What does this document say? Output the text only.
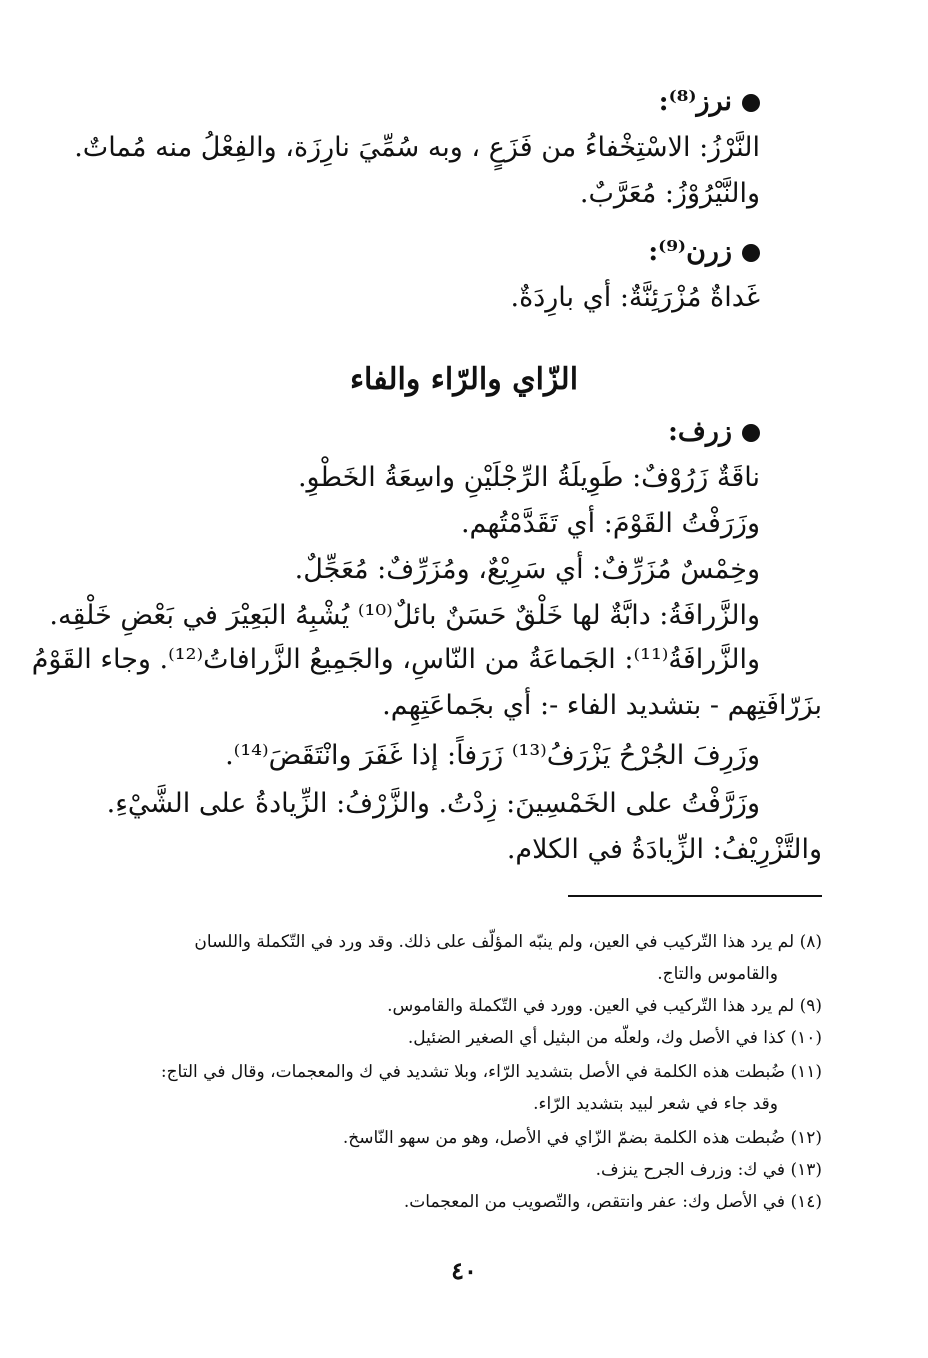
نرز⁽⁸⁾:
النَّرْزُ: الاسْتِخْفاءُ من فَزَعٍ ، وبه سُمِّيَ نارِزَة، والفِعْلُ منه مُماتٌ.
والنَّيْرُوْزُ: مُعَرَّبٌ.
زرن⁽⁹⁾:
غَداةٌ مُزْرَئِنَّةٌ: أي بارِدَةٌ.
الزّاي والرّاء والفاء
زرف:
ناقَةٌ زَرُوْفٌ: طَوِيلَةُ الرِّجْلَيْنِ واسِعَةُ الخَطْوِ.
وزَرَفْتُ القَوْمَ: أي تَقَدَّمْتُهم.
وخِمْسٌ مُزَرِّفٌ: أي سَرِيْعٌ، ومُزَرِّفٌ: مُعَجِّلٌ.
والزَّرافَةُ: دابَّةٌ لها خَلْقٌ حَسَنٌ بائلٌ⁽¹⁰⁾ يُشْبِهُ البَعِيْرَ في بَعْضِ خَلْقِه.
والزَّرافَةُ⁽¹¹⁾: الجَماعَةُ من النّاسِ، والجَمِيعُ الزَّرافاتُ⁽¹²⁾. وجاء القَوْمُ
بزَرّافَتِهم - بتشديد الفاء -: أي بجَماعَتِهِم.
وزَرِفَ الجُرْحُ يَزْرَفُ⁽¹³⁾ زَرَفاً: إذا غَفَرَ وانْتَقَضَ⁽¹⁴⁾.
وزَرَّفْتُ على الخَمْسِينَ: زِدْتُ. والزَّرْفُ: الزِّيادةُ على الشَّيْءِ.
والتَّزْرِيْفُ: الزِّيادَةُ في الكلام.
(٨) لم يرد هذا التّركيب في العين، ولم ينبّه المؤلّف على ذلك. وقد ورد في التّكملة واللسان
والقاموس والتاج.
(٩) لم يرد هذا التّركيب في العين. وورد في التّكملة والقاموس.
(١٠) كذا في الأصل وك، ولعلّه من البثيل أي الصغير الضئيل.
(١١) ضُبطت هذه الكلمة في الأصل بتشديد الرّاء، وبلا تشديد في ك والمعجمات، وقال في التاج:
وقد جاء في شعر لبيد بتشديد الرّاء.
(١٢) ضُبطت هذه الكلمة بضمّ الزّاي في الأصل، وهو من سهو النّاسخ.
(١٣) في ك: وزرف الجرح ينزف.
(١٤) في الأصل وك: عفر وانتقص، والتّصويب من المعجمات.
٤٠
